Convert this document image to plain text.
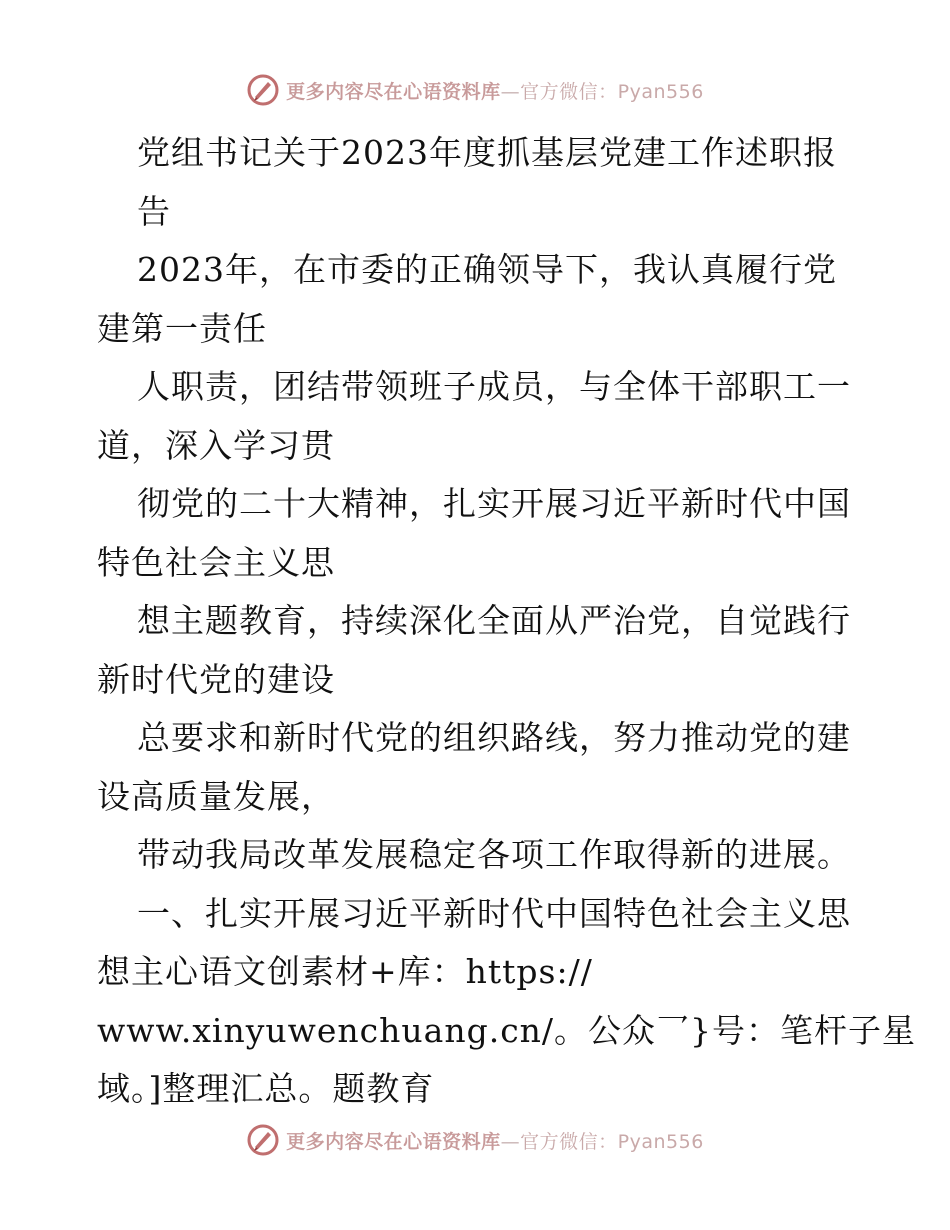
更多内容尽在心语资料库—官方微信：Pyan556
党组书记关于2023年度抓基层党建工作述职报
告
2023年，在市委的正确领导下，我认真履行党
建第一责任
人职责，团结带领班子成员，与全体干部职工一
道，深入学习贯
彻党的二十大精神，扎实开展习近平新时代中国
特色社会主义思
想主题教育，持续深化全面从严治党，自觉践行
新时代党的建设
总要求和新时代党的组织路线，努力推动党的建
设高质量发展，
带动我局改革发展稳定各项工作取得新的进展。
一、扎实开展习近平新时代中国特色社会主义思
想主心语文创素材+库：https://
www.xinyuwenchuang.cn/。公众乛}号：笔杆子星
域。]整理汇总。题教育
更多内容尽在心语资料库—官方微信：Pyan556
